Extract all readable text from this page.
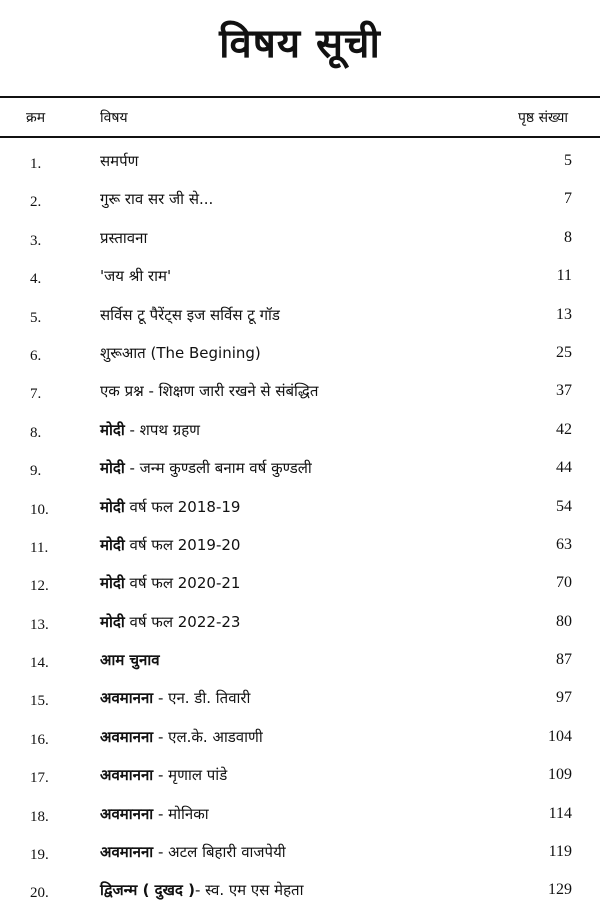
विषय सूची
क्रम	विषय	पृष्ठ संख्या
1.	समर्पण	5
2.	गुरू राव सर जी से...	7
3.	प्रस्तावना	8
4.	'जय श्री राम'	11
5.	सर्विस टू पैरेंट्स इज सर्विस टू गॉड	13
6.	शुरूआत (The Begining)	25
7.	एक प्रश्न - शिक्षण जारी रखने से संबंद्धित	37
8.	मोदी - शपथ ग्रहण	42
9.	मोदी - जन्म कुण्डली बनाम वर्ष कुण्डली	44
10.	मोदी वर्ष फल 2018-19	54
11.	मोदी वर्ष फल 2019-20	63
12.	मोदी वर्ष फल 2020-21	70
13.	मोदी वर्ष फल 2022-23	80
14.	आम चुनाव	87
15.	अवमानना - एन. डी. तिवारी	97
16.	अवमानना - एल.के. आडवाणी	104
17.	अवमानना - मृणाल पांडे	109
18.	अवमानना - मोनिका	114
19.	अवमानना - अटल बिहारी वाजपेयी	119
20.	द्विजन्म ( दुखद )- स्व. एम एस मेहता	129
